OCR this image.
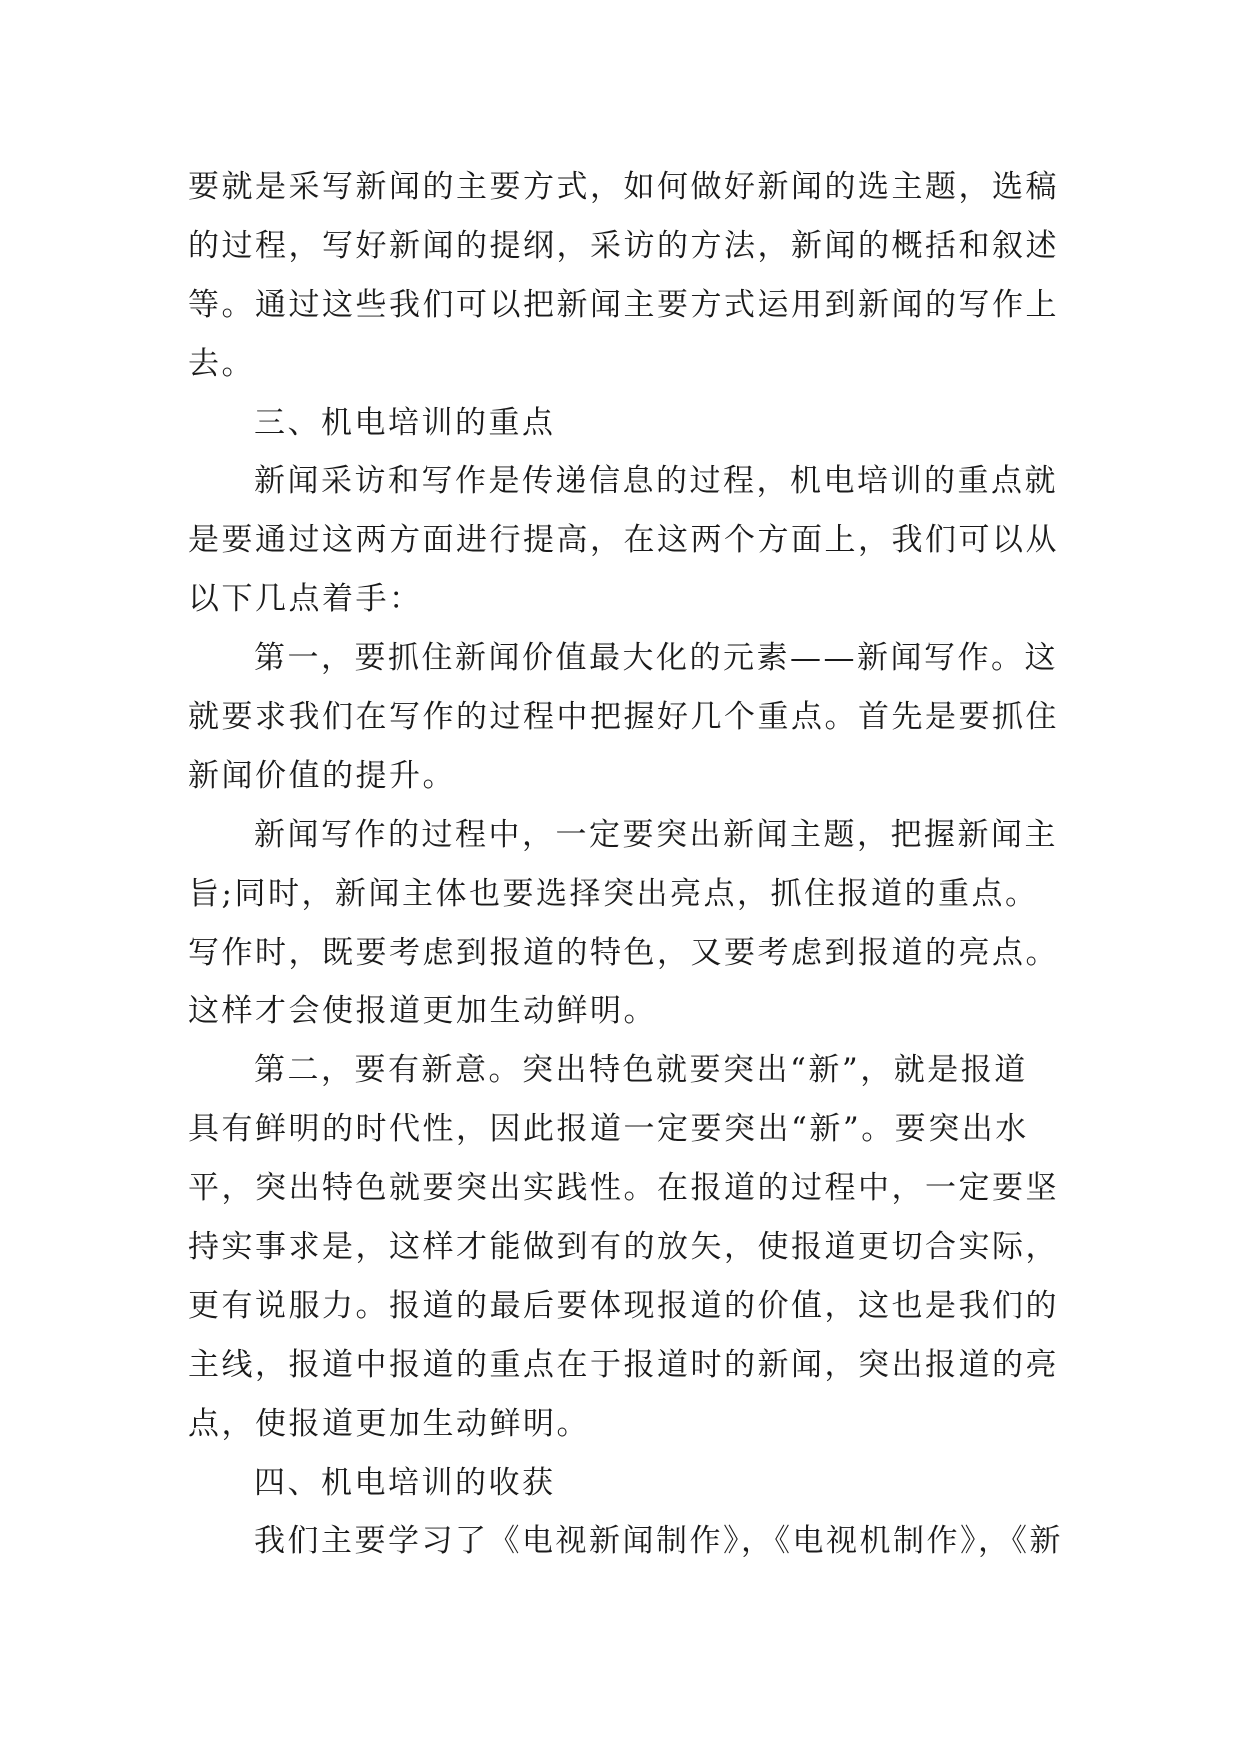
要就是采写新闻的主要方式，如何做好新闻的选主题，选稿
的过程，写好新闻的提纲，采访的方法，新闻的概括和叙述
等。通过这些我们可以把新闻主要方式运用到新闻的写作上
去。
三、机电培训的重点
新闻采访和写作是传递信息的过程，机电培训的重点就
是要通过这两方面进行提高，在这两个方面上，我们可以从
以下几点着手：
第一，要抓住新闻价值最大化的元素——新闻写作。这
就要求我们在写作的过程中把握好几个重点。首先是要抓住
新闻价值的提升。
新闻写作的过程中，一定要突出新闻主题，把握新闻主
旨;同时，新闻主体也要选择突出亮点，抓住报道的重点。
写作时，既要考虑到报道的特色，又要考虑到报道的亮点。
这样才会使报道更加生动鲜明。
第二，要有新意。突出特色就要突出“新”，就是报道
具有鲜明的时代性，因此报道一定要突出“新”。要突出水
平，突出特色就要突出实践性。在报道的过程中，一定要坚
持实事求是，这样才能做到有的放矢，使报道更切合实际，
更有说服力。报道的最后要体现报道的价值，这也是我们的
主线，报道中报道的重点在于报道时的新闻，突出报道的亮
点，使报道更加生动鲜明。
四、机电培训的收获
我们主要学习了《电视新闻制作》，《电视机制作》，《新
